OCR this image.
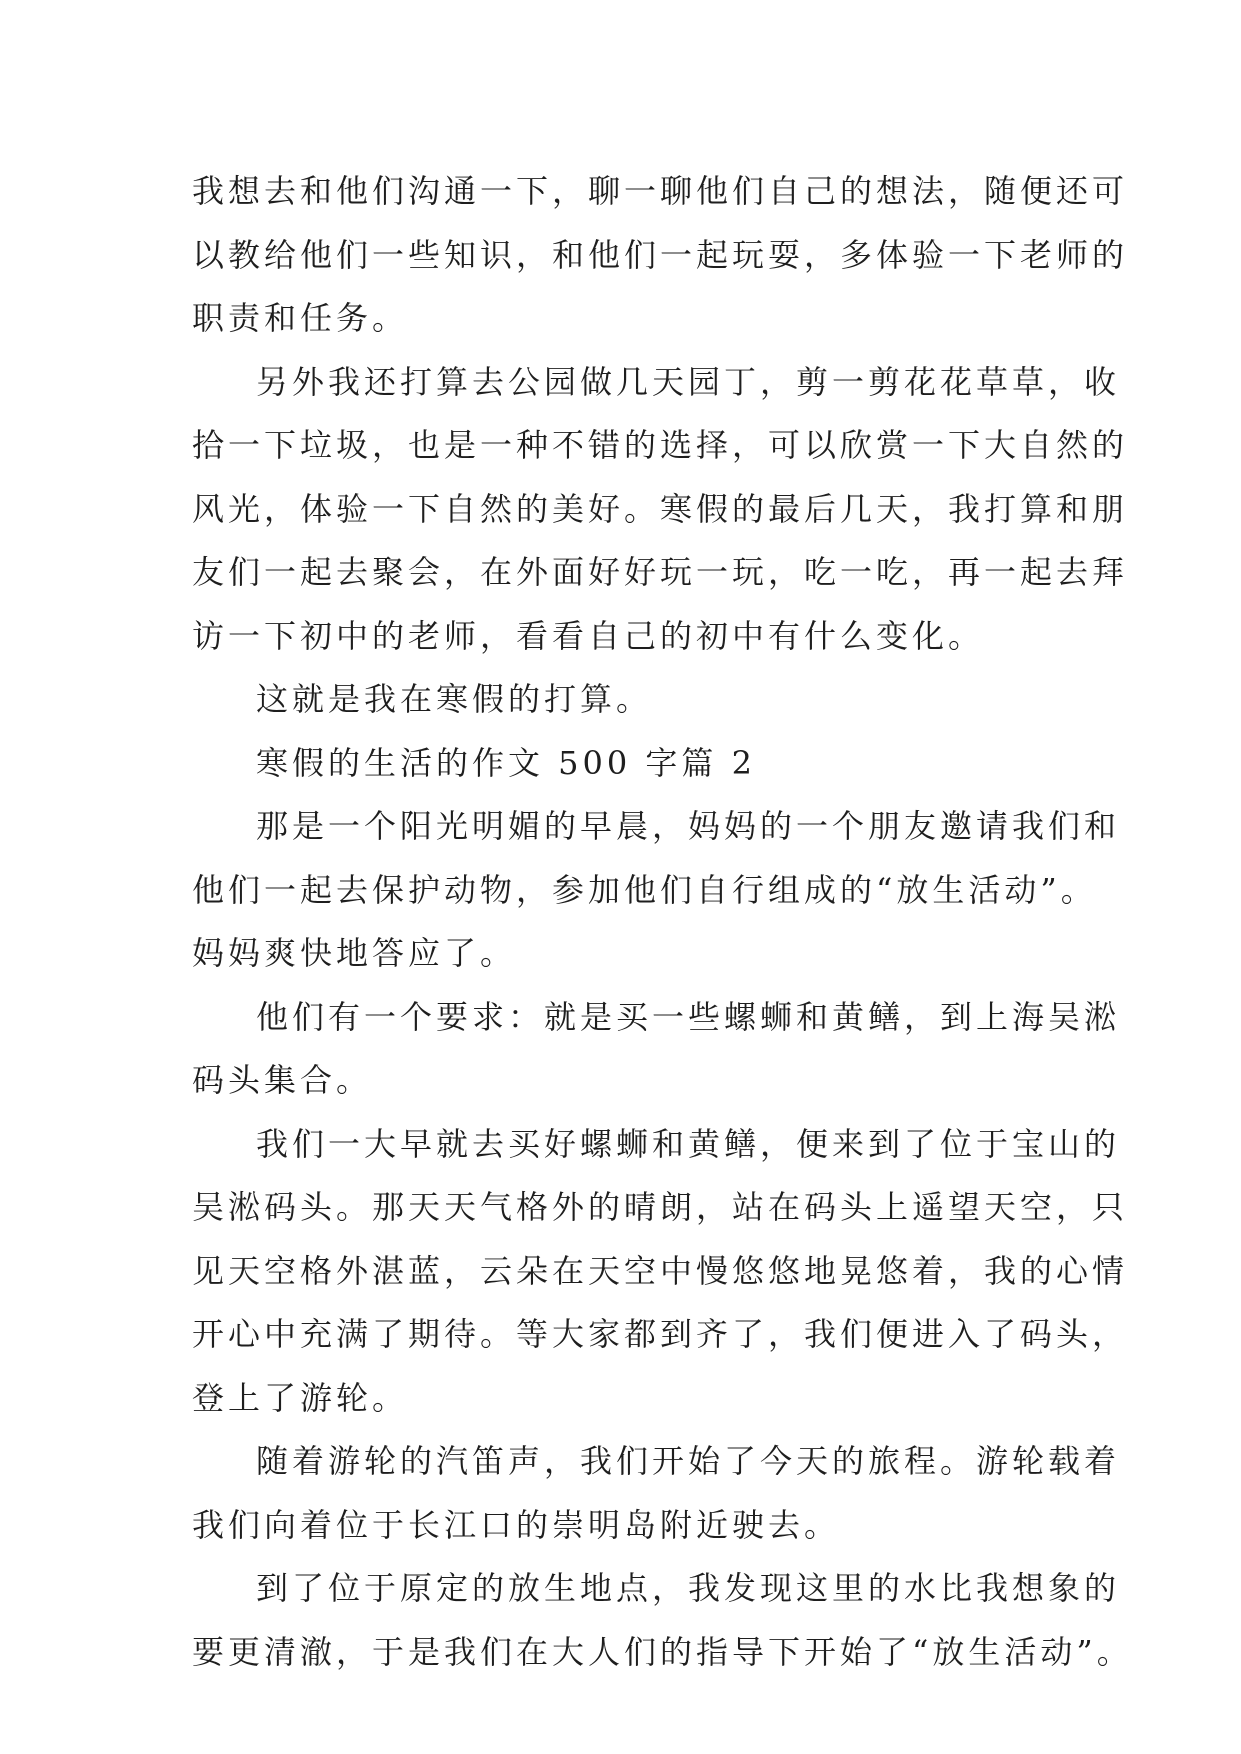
我想去和他们沟通一下，聊一聊他们自己的想法，随便还可
以教给他们一些知识，和他们一起玩耍，多体验一下老师的
职责和任务。
另外我还打算去公园做几天园丁，剪一剪花花草草，收
拾一下垃圾，也是一种不错的选择，可以欣赏一下大自然的
风光，体验一下自然的美好。寒假的最后几天，我打算和朋
友们一起去聚会，在外面好好玩一玩，吃一吃，再一起去拜
访一下初中的老师，看看自己的初中有什么变化。
这就是我在寒假的打算。
寒假的生活的作文 500 字篇 2
那是一个阳光明媚的早晨，妈妈的一个朋友邀请我们和
他们一起去保护动物，参加他们自行组成的“放生活动”。
妈妈爽快地答应了。
他们有一个要求：就是买一些螺蛳和黄鳝，到上海吴淞
码头集合。
我们一大早就去买好螺蛳和黄鳝，便来到了位于宝山的
吴淞码头。那天天气格外的晴朗，站在码头上遥望天空，只
见天空格外湛蓝，云朵在天空中慢悠悠地晃悠着，我的心情
开心中充满了期待。等大家都到齐了，我们便进入了码头，
登上了游轮。
随着游轮的汽笛声，我们开始了今天的旅程。游轮载着
我们向着位于长江口的崇明岛附近驶去。
到了位于原定的放生地点，我发现这里的水比我想象的
要更清澈，于是我们在大人们的指导下开始了“放生活动”。
